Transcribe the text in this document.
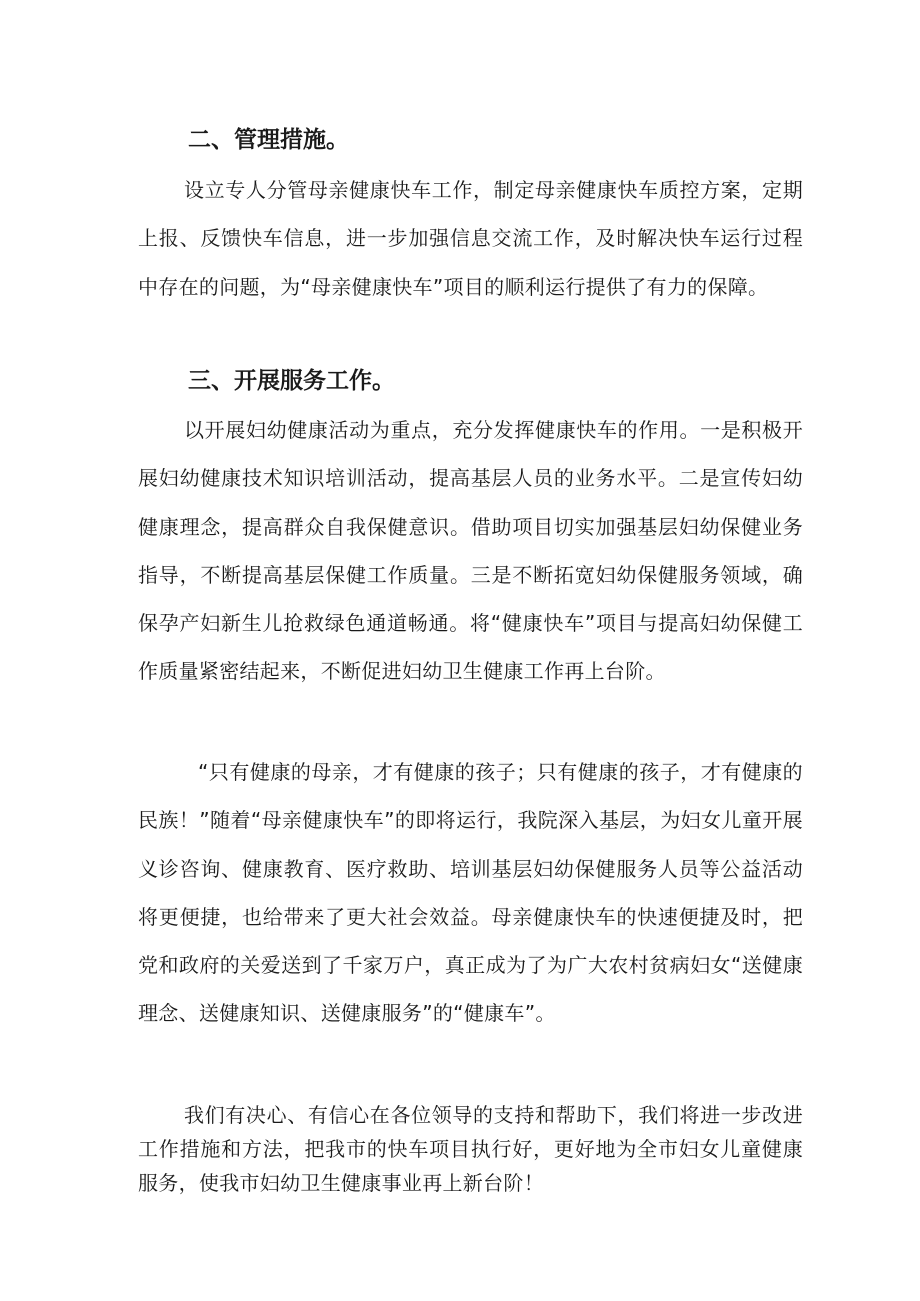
二、管理措施。

设立专人分管母亲健康快车工作，制定母亲健康快车质控方案，定期上报、反馈快车信息，进一步加强信息交流工作，及时解决快车运行过程中存在的问题，为“母亲健康快车”项目的顺利运行提供了有力的保障。

三、开展服务工作。

以开展妇幼健康活动为重点，充分发挥健康快车的作用。一是积极开展妇幼健康技术知识培训活动，提高基层人员的业务水平。二是宣传妇幼健康理念，提高群众自我保健意识。借助项目切实加强基层妇幼保健业务指导，不断提高基层保健工作质量。三是不断拓宽妇幼保健服务领域，确保孕产妇新生儿抢救绿色通道畅通。将“健康快车”项目与提高妇幼保健工作质量紧密结起来，不断促进妇幼卫生健康工作再上台阶。

“只有健康的母亲，才有健康的孩子；只有健康的孩子，才有健康的民族！”随着“母亲健康快车”的即将运行，我院深入基层，为妇女儿童开展义诊咨询、健康教育、医疗救助、培训基层妇幼保健服务人员等公益活动将更便捷，也给带来了更大社会效益。母亲健康快车的快速便捷及时，把党和政府的关爱送到了千家万户，真正成为了为广大农村贫病妇女“送健康理念、送健康知识、送健康服务”的“健康车”。

我们有决心、有信心在各位领导的支持和帮助下，我们将进一步改进工作措施和方法，把我市的快车项目执行好，更好地为全市妇女儿童健康服务，使我市妇幼卫生健康事业再上新台阶！
